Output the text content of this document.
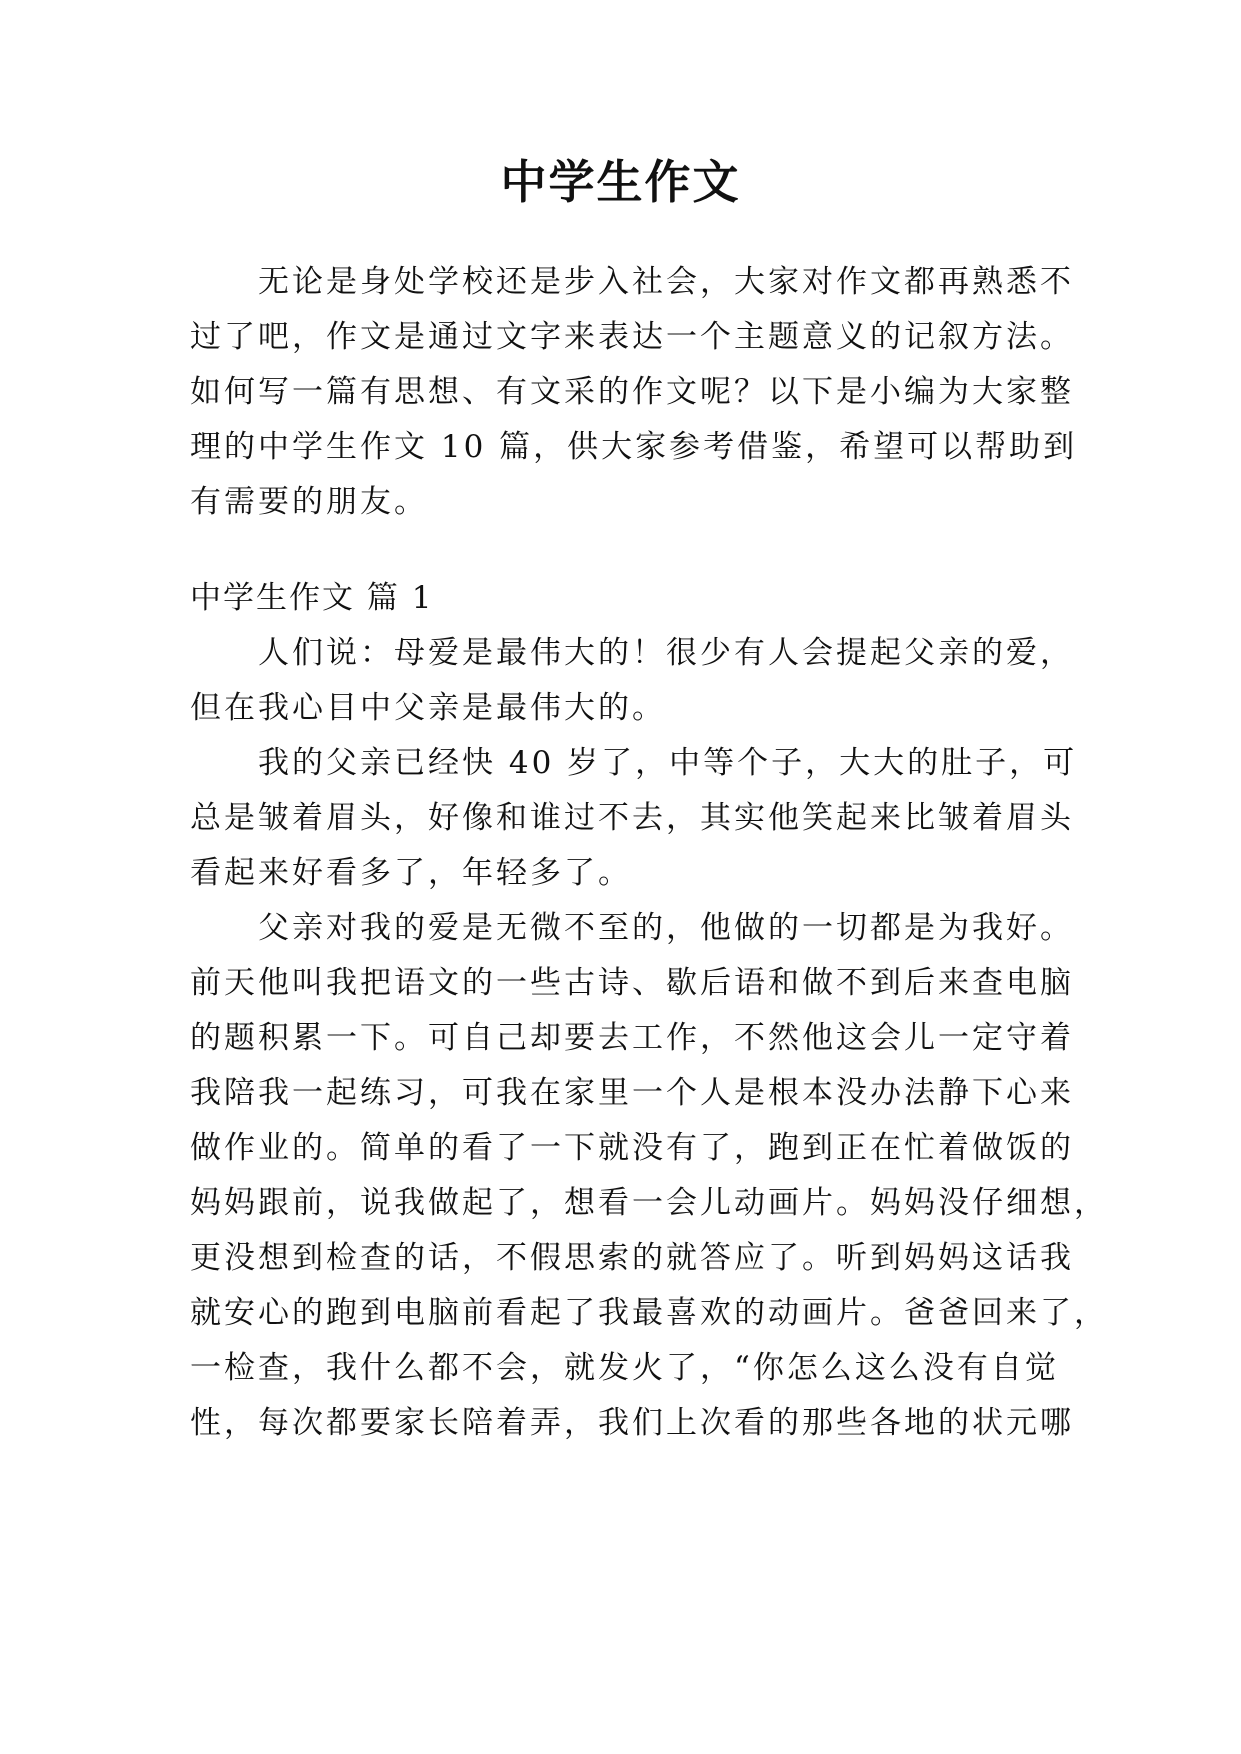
中学生作文
无论是身处学校还是步入社会，大家对作文都再熟悉不
过了吧，作文是通过文字来表达一个主题意义的记叙方法。
如何写一篇有思想、有文采的作文呢？以下是小编为大家整
理的中学生作文 10 篇，供大家参考借鉴，希望可以帮助到
有需要的朋友。
中学生作文 篇 1
人们说：母爱是最伟大的！很少有人会提起父亲的爱，
但在我心目中父亲是最伟大的。
我的父亲已经快 40 岁了，中等个子，大大的肚子，可
总是皱着眉头，好像和谁过不去，其实他笑起来比皱着眉头
看起来好看多了，年轻多了。
父亲对我的爱是无微不至的，他做的一切都是为我好。
前天他叫我把语文的一些古诗、歇后语和做不到后来查电脑
的题积累一下。可自己却要去工作，不然他这会儿一定守着
我陪我一起练习，可我在家里一个人是根本没办法静下心来
做作业的。简单的看了一下就没有了，跑到正在忙着做饭的
妈妈跟前，说我做起了，想看一会儿动画片。妈妈没仔细想，
更没想到检查的话，不假思索的就答应了。听到妈妈这话我
就安心的跑到电脑前看起了我最喜欢的动画片。爸爸回来了，
一检查，我什么都不会，就发火了，“你怎么这么没有自觉
性，每次都要家长陪着弄，我们上次看的那些各地的状元哪
